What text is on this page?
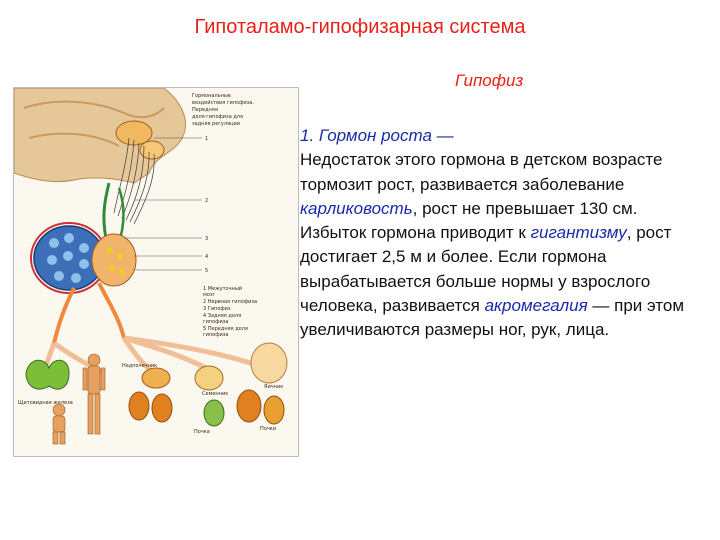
Гипоталамо-гипофизарная система
Гипофиз
Гормональные
воздействия гипофиза.
Передняя
доля гипофиза для
задняя регуляции
1
2
3
4
5
1 Межуточный
мозг
2 Нервная гипофиза
3 Гипофиз
4 Задняя доля
гипофиза
5 Передняя доля
гипофиза
Щитовидная железа
Надпочечник
Семенник
Почка
Яичник
Почки
1. Гормон роста —
Недостаток этого гормона в детском возрасте тормозит рост, развивается заболевание карликовость, рост не превышает 130 см. Избыток гормона приводит к гигантизму, рост достигает 2,5 м и более. Если гормона вырабатывается больше нормы у взрослого человека, развивается акромегалия — при этом увеличиваются размеры ног, рук, лица.
